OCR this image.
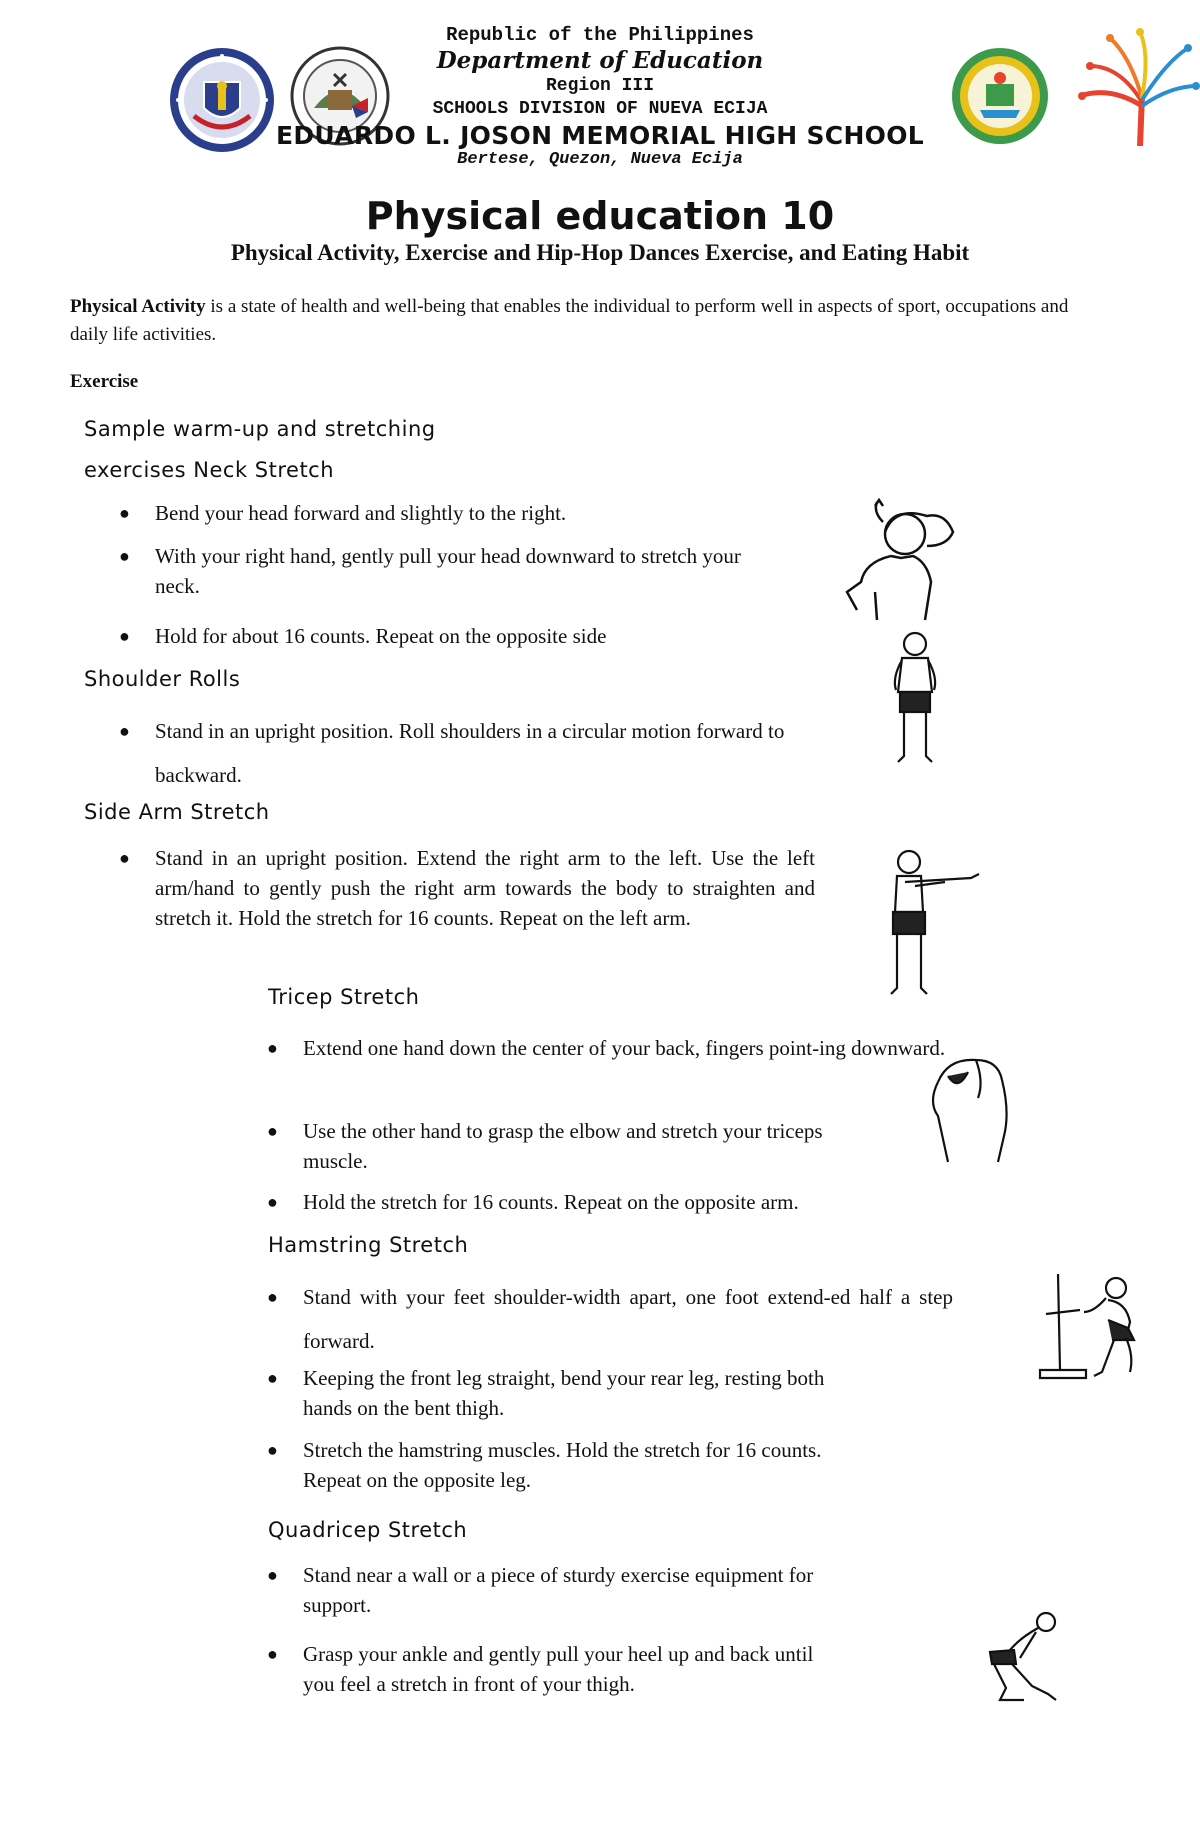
Republic of the Philippines
Department of Education
Region III
SCHOOLS DIVISION OF NUEVA ECIJA
EDUARDO L. JOSON MEMORIAL HIGH SCHOOL
Bertese, Quezon, Nueva Ecija
Physical education 10
Physical Activity, Exercise and Hip-Hop Dances Exercise, and Eating Habit
Physical Activity is a state of health and well-being that enables the individual to perform well in aspects of sport, occupations and daily life activities.
Exercise
Sample warm-up and stretching
exercises Neck Stretch
● Bend your head forward and slightly to the right.
● With your right hand, gently pull your head downward to stretch your neck.
● Hold for about 16 counts. Repeat on the opposite side
Shoulder Rolls
● Stand in an upright position. Roll shoulders in a circular motion forward to backward.
Side Arm Stretch
● Stand in an upright position. Extend the right arm to the left. Use the left arm/hand to gently push the right arm towards the body to straighten and stretch it. Hold the stretch for 16 counts. Repeat on the left arm.
Tricep Stretch
● Extend one hand down the center of your back, fingers point-ing downward.
● Use the other hand to grasp the elbow and stretch your triceps muscle.
● Hold the stretch for 16 counts. Repeat on the opposite arm.
Hamstring Stretch
● Stand with your feet shoulder-width apart, one foot extend-ed half a step forward.
● Keeping the front leg straight, bend your rear leg, resting both hands on the bent thigh.
● Stretch the hamstring muscles. Hold the stretch for 16 counts. Repeat on the opposite leg.
Quadricep Stretch
● Stand near a wall or a piece of sturdy exercise equipment for support.
● Grasp your ankle and gently pull your heel up and back until you feel a stretch in front of your thigh.
